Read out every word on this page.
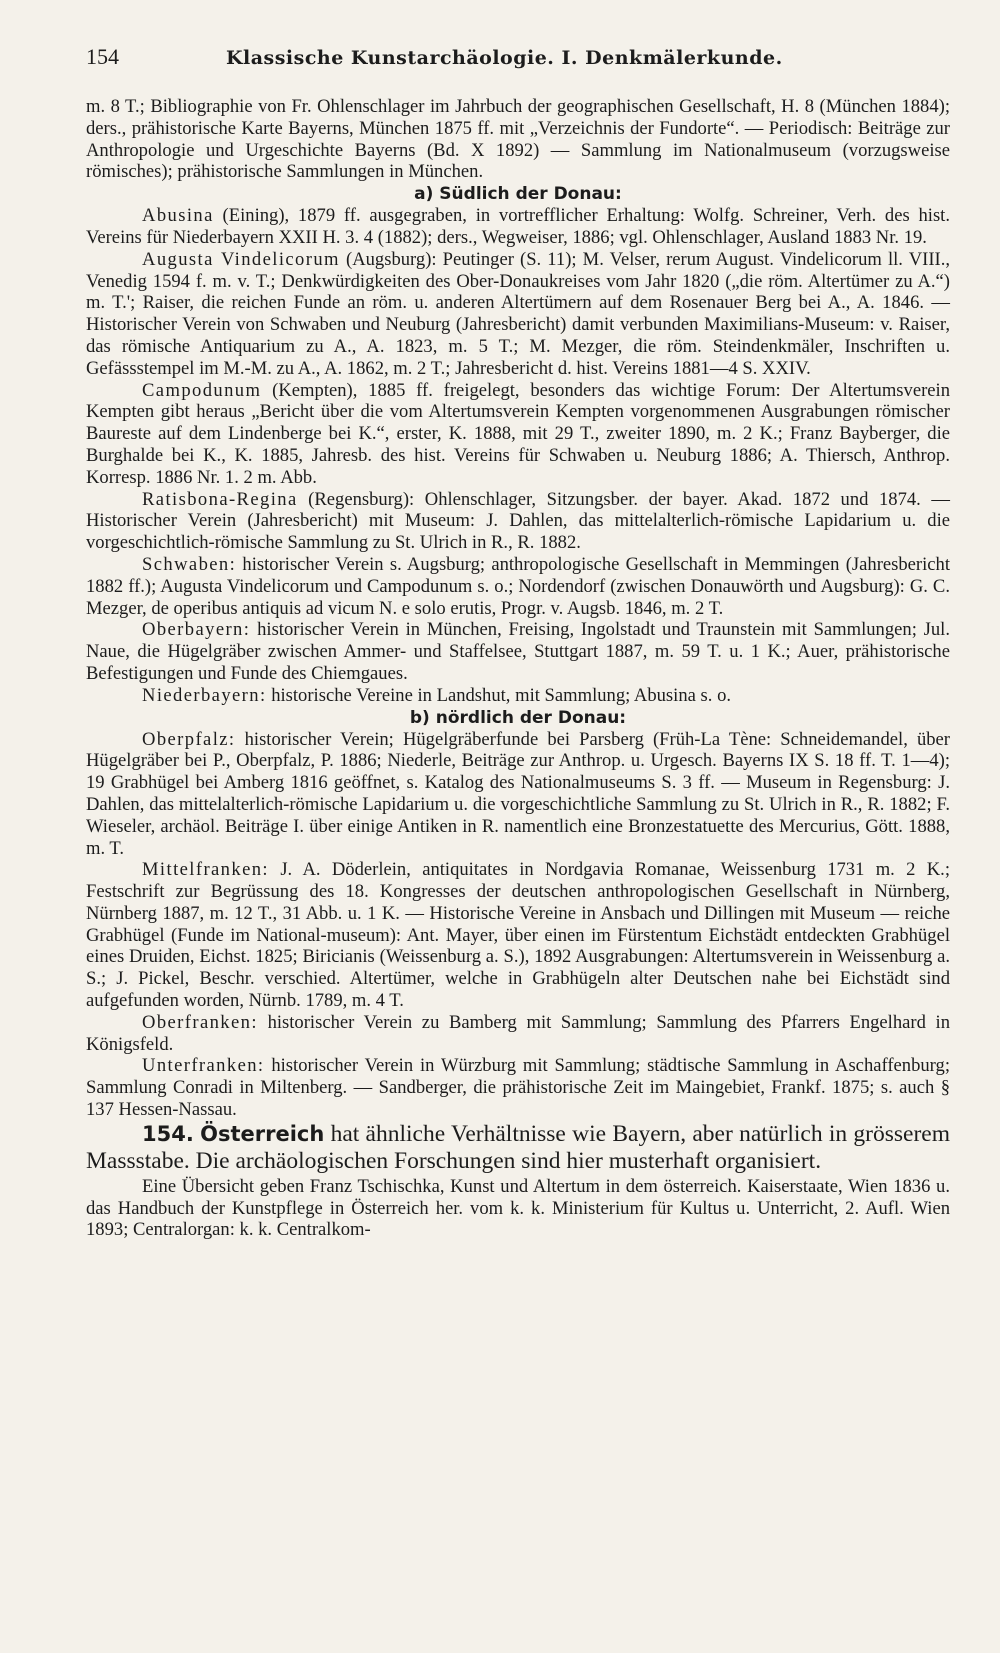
154	Klassische Kunstarchäologie. I. Denkmälerkunde.

m. 8 T.; Bibliographie von Fr. Ohlenschlager im Jahrbuch der geographischen Gesellschaft, H. 8 (München 1884); ders., prähistorische Karte Bayerns, München 1875 ff. mit „Verzeichnis der Fundorte“. — Periodisch: Beiträge zur Anthropologie und Urgeschichte Bayerns (Bd. X 1892) — Sammlung im Nationalmuseum (vorzugsweise römisches); prähistorische Sammlungen in München.

a) Südlich der Donau:

Abusina (Eining), 1879 ff. ausgegraben, in vortrefflicher Erhaltung: Wolfg. Schreiner, Verh. des hist. Vereins für Niederbayern XXII H. 3. 4 (1882); ders., Wegweiser, 1886; vgl. Ohlenschlager, Ausland 1883 Nr. 19.

Augusta Vindelicorum (Augsburg): Peutinger (S. 11); M. Velser, rerum August. Vindelicorum ll. VIII., Venedig 1594 f. m. v. T.; Denkwürdigkeiten des Ober-Donaukreises vom Jahr 1820 („die röm. Altertümer zu A.“) m. T.'; Raiser, die reichen Funde an röm. u. anderen Altertümern auf dem Rosenauer Berg bei A., A. 1846. — Historischer Verein von Schwaben und Neuburg (Jahresbericht) damit verbunden Maximilians-Museum: v. Raiser, das römische Antiquarium zu A., A. 1823, m. 5 T.; M. Mezger, die röm. Steindenkmäler, Inschriften u. Gefässstempel im M.-M. zu A., A. 1862, m. 2 T.; Jahresbericht d. hist. Vereins 1881—4 S. XXIV.

Campodunum (Kempten), 1885 ff. freigelegt, besonders das wichtige Forum: Der Altertumsverein Kempten gibt heraus „Bericht über die vom Altertumsverein Kempten vorgenommenen Ausgrabungen römischer Baureste auf dem Lindenberge bei K.“, erster, K. 1888, mit 29 T., zweiter 1890, m. 2 K.; Franz Bayberger, die Burghalde bei K., K. 1885, Jahresb. des hist. Vereins für Schwaben u. Neuburg 1886; A. Thiersch, Anthrop. Korresp. 1886 Nr. 1. 2 m. Abb.

Ratisbona-Regina (Regensburg): Ohlenschlager, Sitzungsber. der bayer. Akad. 1872 und 1874. — Historischer Verein (Jahresbericht) mit Museum: J. Dahlen, das mittelalterlich-römische Lapidarium u. die vorgeschichtlich-römische Sammlung zu St. Ulrich in R., R. 1882.

Schwaben: historischer Verein s. Augsburg; anthropologische Gesellschaft in Memmingen (Jahresbericht 1882 ff.); Augusta Vindelicorum und Campodunum s. o.; Nordendorf (zwischen Donauwörth und Augsburg): G. C. Mezger, de operibus antiquis ad vicum N. e solo erutis, Progr. v. Augsb. 1846, m. 2 T.

Oberbayern: historischer Verein in München, Freising, Ingolstadt und Traunstein mit Sammlungen; Jul. Naue, die Hügelgräber zwischen Ammer- und Staffelsee, Stuttgart 1887, m. 59 T. u. 1 K.; Auer, prähistorische Befestigungen und Funde des Chiemgaues.

Niederbayern: historische Vereine in Landshut, mit Sammlung; Abusina s. o.

b) nördlich der Donau:

Oberpfalz: historischer Verein; Hügelgräberfunde bei Parsberg (Früh-La Tène: Schneidemandel, über Hügelgräber bei P., Oberpfalz, P. 1886; Niederle, Beiträge zur Anthrop. u. Urgesch. Bayerns IX S. 18 ff. T. 1—4); 19 Grabhügel bei Amberg 1816 geöffnet, s. Katalog des Nationalmuseums S. 3 ff. — Museum in Regensburg: J. Dahlen, das mittelalterlich-römische Lapidarium u. die vorgeschichtliche Sammlung zu St. Ulrich in R., R. 1882; F. Wieseler, archäol. Beiträge I. über einige Antiken in R. namentlich eine Bronzestatuette des Mercurius, Gött. 1888, m. T.

Mittelfranken: J. A. Döderlein, antiquitates in Nordgavia Romanae, Weissenburg 1731 m. 2 K.; Festschrift zur Begrüssung des 18. Kongresses der deutschen anthropologischen Gesellschaft in Nürnberg, Nürnberg 1887, m. 12 T., 31 Abb. u. 1 K. — Historische Vereine in Ansbach und Dillingen mit Museum — reiche Grabhügel (Funde im National-museum): Ant. Mayer, über einen im Fürstentum Eichstädt entdeckten Grabhügel eines Druiden, Eichst. 1825; Biricianis (Weissenburg a. S.), 1892 Ausgrabungen: Altertumsverein in Weissenburg a. S.; J. Pickel, Beschr. verschied. Altertümer, welche in Grabhügeln alter Deutschen nahe bei Eichstädt sind aufgefunden worden, Nürnb. 1789, m. 4 T.

Oberfranken: historischer Verein zu Bamberg mit Sammlung; Sammlung des Pfarrers Engelhard in Königsfeld.

Unterfranken: historischer Verein in Würzburg mit Sammlung; städtische Sammlung in Aschaffenburg; Sammlung Conradi in Miltenberg. — Sandberger, die prähistorische Zeit im Maingebiet, Frankf. 1875; s. auch § 137 Hessen-Nassau.

154. Österreich hat ähnliche Verhältnisse wie Bayern, aber natürlich in grösserem Massstabe. Die archäologischen Forschungen sind hier musterhaft organisiert.

Eine Übersicht geben Franz Tschischka, Kunst und Altertum in dem österreich. Kaiserstaate, Wien 1836 u. das Handbuch der Kunstpflege in Österreich her. vom k. k. Ministerium für Kultus u. Unterricht, 2. Aufl. Wien 1893; Centralorgan: k. k. Centralkom-
